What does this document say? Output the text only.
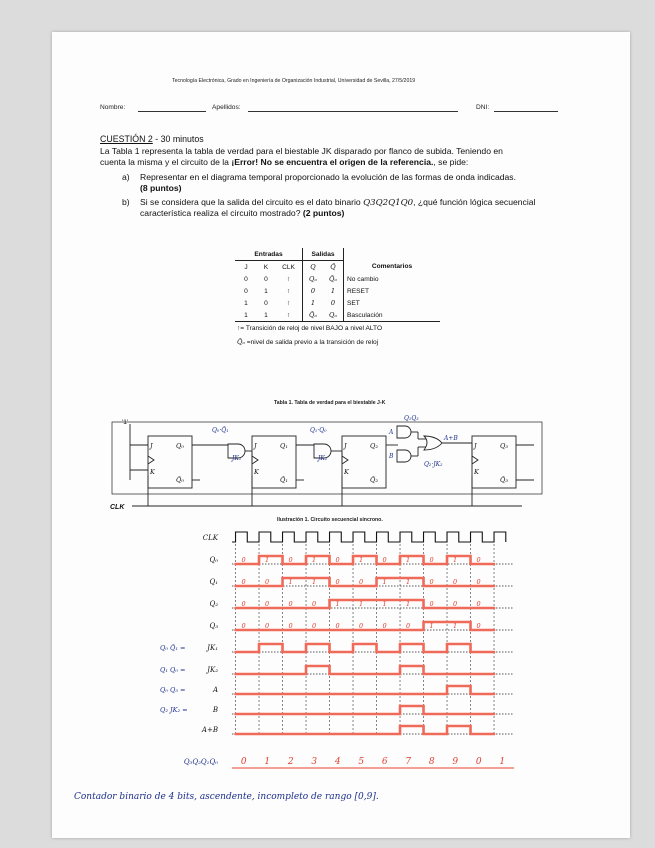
Tecnología Electrónica, Grado en Ingeniería de Organización Industrial, Universidad de Sevilla, 27/5/2019
Nombre:	Apellidos:	DNI:
CUESTIÓN 2 - 30 minutos
La Tabla 1 representa la tabla de verdad para el biestable JK disparado por flanco de subida. Teniendo en
cuenta la misma y el circuito de la ¡Error! No se encuentra el origen de la referencia., se pide:
a) Representar en el diagrama temporal proporcionado la evolución de las formas de onda indicadas.
(8 puntos)
b) Si se considera que la salida del circuito es el dato binario Q3Q2Q1Q0, ¿qué función lógica secuencial
característica realiza el circuito mostrado? (2 puntos)
Entradas			Salidas		
J	K	CLK	Q	Q̄	Comentarios
0	0	↑	Qₒ	Q̄ₒ	No cambio
0	1	↑	0	1	RESET
1	0	↑	1	0	SET
1	1	↑	Q̄ₒ	Qₒ	Basculación
↑= Transición de reloj de nivel BAJO a nivel ALTO					
Q̄ₒ =nivel de salida previo a la transición de reloj					
Tabla 1. Tabla de verdad para el biestable J-K
J
K
Q₀
Q̄₀
J
K
Q₁
Q̄₁
J
K
Q₂
Q̄₂
J
K
Q₃
Q̄₃
Q₀·Q̄₁
JK₁
Q₁·Q₀
JK₂
Q₁Q₃
A+B
Q₂·JK₂
A
B
'1'
CLK
Ilustración 1. Circuito secuencial síncrono.
CLK
Q₀
Q₁
Q₂
Q₃
JK₁
Q₀ Q̄₁ =
JK₂
Q₁ Q₀ =
A
Q₀ Q₃ =
B
Q₂ JK₂ =
A+B
0	1	0	1	0	1	0	1	0	1	0
0	0	1	1	0	0	1	1	0	0	0
0	0	0	0	1	1	1	1	0	0	0
0	0	0	0	0	0	0	0	1	1	0
Q₃Q₂Q₁Q₀	0 1 2 3 4 5 6 7 8 9 0 1
Contador binario de 4 bits, ascendente, incompleto de rango [0,9].
